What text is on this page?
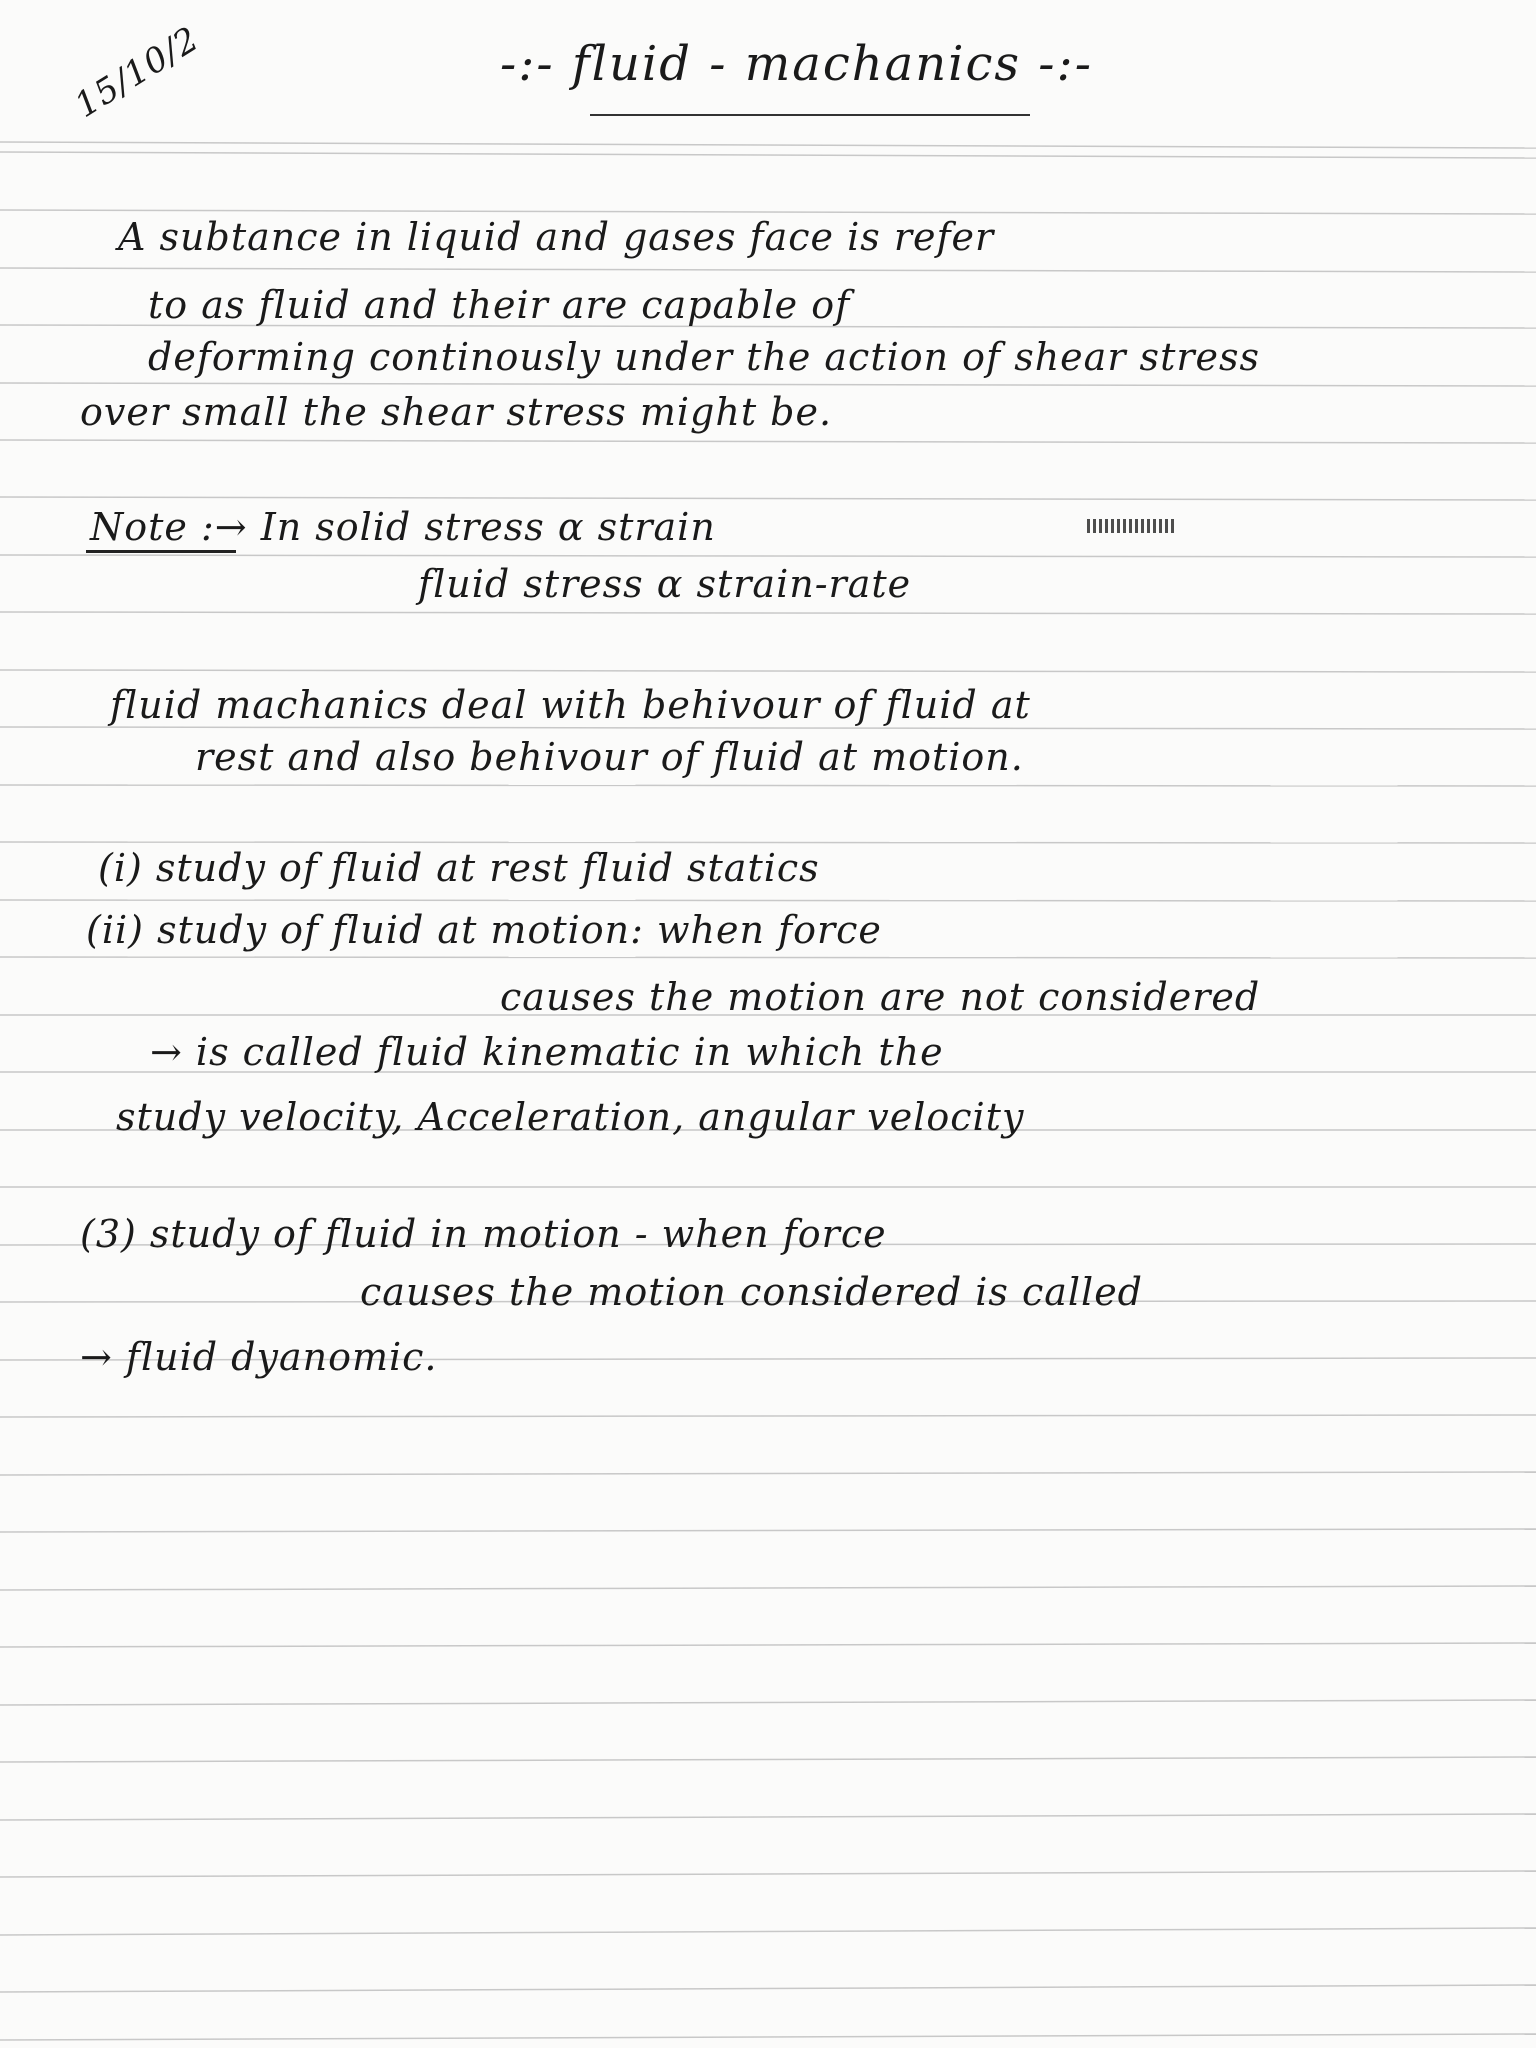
15/10/2	-:- fluid - machanics -:-
A subtance in liquid and gases face is refer
to as fluid and their are capable of
deforming continously under the action of shear stress
over small the shear stress might be.
Note :→ In solid stress α strain
fluid stress α strain-rate
fluid machanics deal with behivour of fluid at
rest and also behivour of fluid at motion.
(i) study of fluid at rest fluid statics
(ii) study of fluid at motion: when force
causes the motion are not considered
→ is called fluid kinematic in which the
study velocity, Acceleration, angular velocity
(3) study of fluid in motion - when force
causes the motion considered is called
→ fluid dyanomic.
